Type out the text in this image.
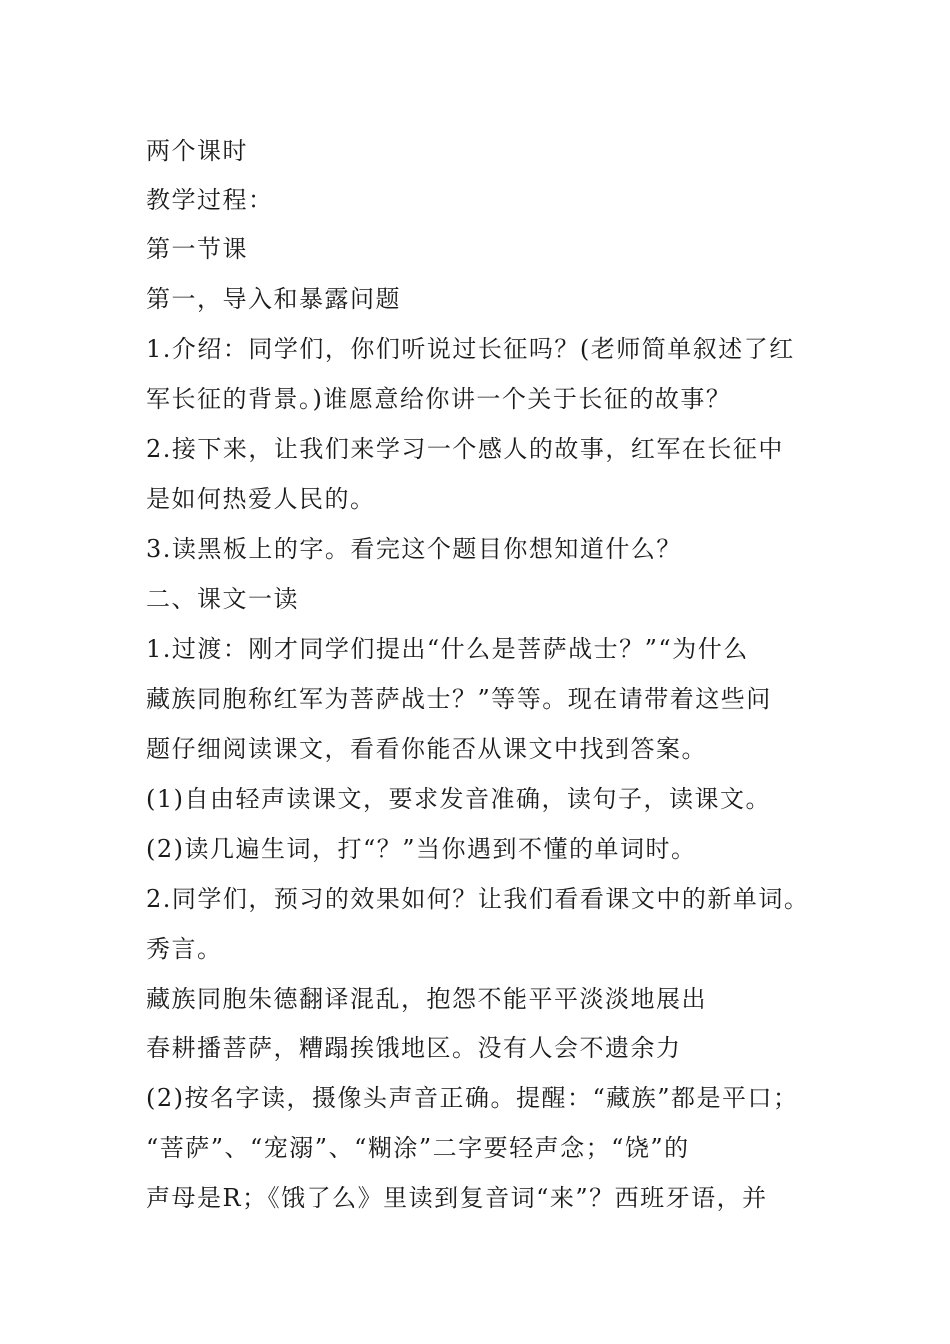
两个课时
教学过程：
第一节课
第一，导入和暴露问题
1.介绍：同学们，你们听说过长征吗？(老师简单叙述了红
军长征的背景。)谁愿意给你讲一个关于长征的故事？
2.接下来，让我们来学习一个感人的故事，红军在长征中
是如何热爱人民的。
3.读黑板上的字。看完这个题目你想知道什么？
二、课文一读
1.过渡：刚才同学们提出“什么是菩萨战士？”“为什么
藏族同胞称红军为菩萨战士？”等等。现在请带着这些问
题仔细阅读课文，看看你能否从课文中找到答案。
(1)自由轻声读课文，要求发音准确，读句子，读课文。
(2)读几遍生词，打“？”当你遇到不懂的单词时。
2.同学们，预习的效果如何？让我们看看课文中的新单词。
秀言。
藏族同胞朱德翻译混乱，抱怨不能平平淡淡地展出
春耕播菩萨，糟蹋挨饿地区。没有人会不遗余力
(2)按名字读，摄像头声音正确。提醒：“藏族”都是平口；
“菩萨”、“宠溺”、“糊涂”二字要轻声念；“饶”的
声母是R；《饿了么》里读到复音词“来”？西班牙语，并
